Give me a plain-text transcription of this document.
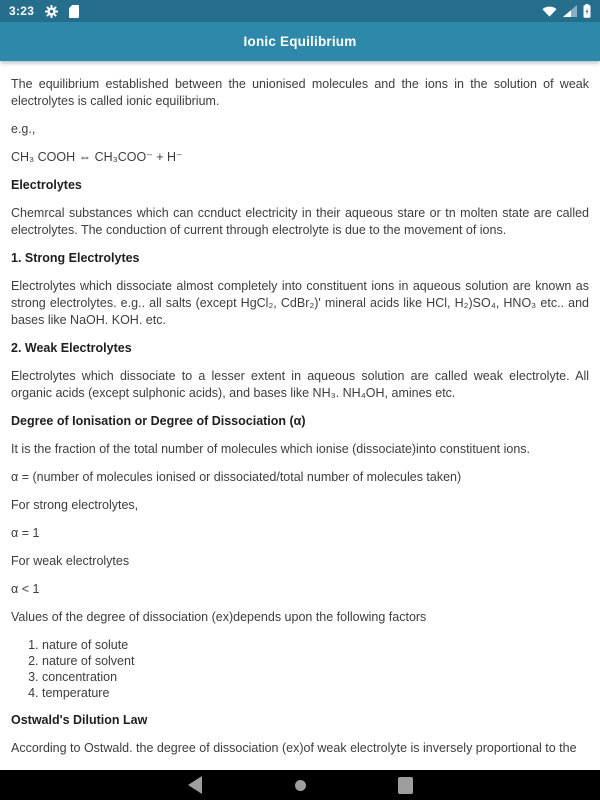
3:23
Ionic Equilibrium

The equilibrium established between the unionised molecules and the ions in the solution of weak electrolytes is called ionic equilibrium.

e.g.,

CH₃ COOH ⇔ CH₃COO⁻ + H⁻

Electrolytes

Chemrcal substances which can ccnduct electricity in their aqueous stare or tn molten state are called electrolytes. The conduction of current through electrolyte is due to the movement of ions.

1. Strong Electrolytes

Electrolytes which dissociate almost completely into constituent ions in aqueous solution are known as strong electrolytes. e.g.. all salts (except HgCl₂, CdBr₂)' mineral acids like HCl, H₂)SO₄, HNO₃ etc.. and bases like NaOH. KOH. etc.

2. Weak Electrolytes

Electrolytes which dissociate to a lesser extent in aqueous solution are called weak electrolyte. All organic acids (except sulphonic acids), and bases like NH₃. NH₄OH, amines etc.

Degree of Ionisation or Degree of Dissociation (α)

It is the fraction of the total number of molecules which ionise (dissociate)into constituent ions.

α = (number of molecules ionised or dissociated/total number of molecules taken)

For strong electrolytes,

α = 1

For weak electrolytes

α < 1

Values of the degree of dissociation (ex)depends upon the following factors

1. nature of solute
2. nature of solvent
3. concentration
4. temperature
Ostwald's Dilution Law

According to Ostwald. the degree of dissociation (ex)of weak electrolyte is inversely proportional to the
